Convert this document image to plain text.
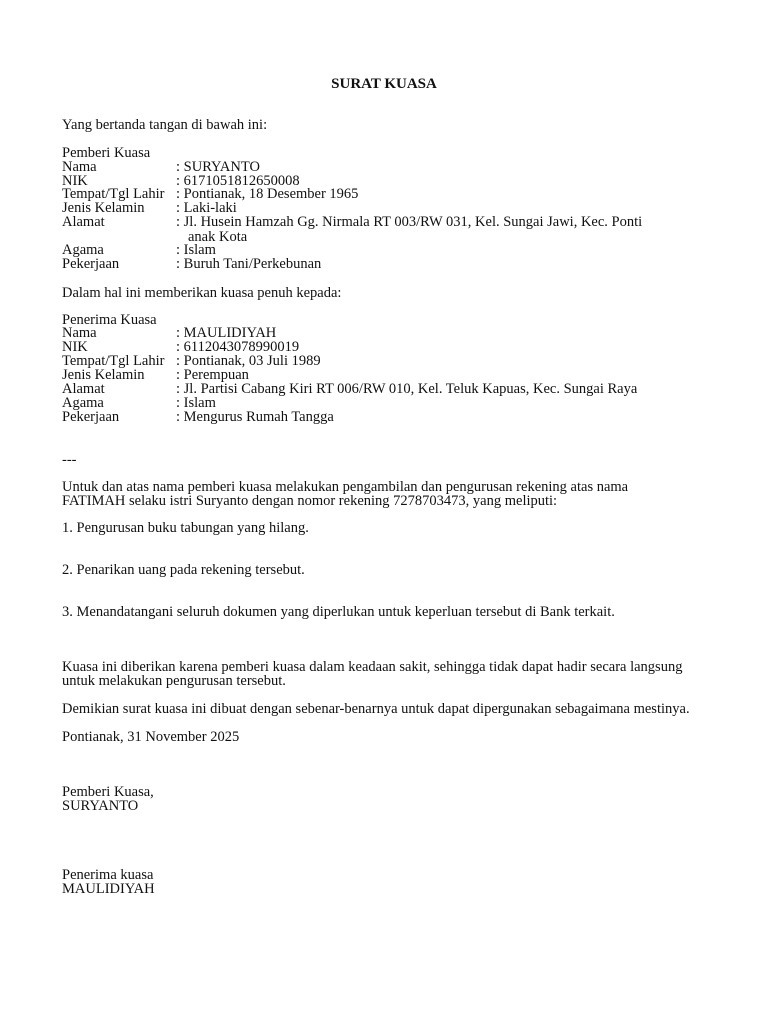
SURAT KUASA
Yang bertanda tangan di bawah ini:
Pemberi Kuasa
Nama	: SURYANTO
NIK	: 6171051812650008
Tempat/Tgl Lahir : Pontianak, 18 Desember 1965
Jenis Kelamin : Laki-laki
Alamat	: Jl. Husein Hamzah Gg. Nirmala RT 003/RW 031, Kel. Sungai Jawi, Kec. Ponti
anak Kota
Agama	: Islam
Pekerjaan	: Buruh Tani/Perkebunan
Dalam hal ini memberikan kuasa penuh kepada:
Penerima Kuasa
Nama	: MAULIDIYAH
NIK	: 6112043078990019
Tempat/Tgl Lahir : Pontianak, 03 Juli 1989
Jenis Kelamin : Perempuan
Alamat	: Jl. Partisi Cabang Kiri RT 006/RW 010, Kel. Teluk Kapuas, Kec. Sungai Raya
Agama	: Islam
Pekerjaan	: Mengurus Rumah Tangga
---
Untuk dan atas nama pemberi kuasa melakukan pengambilan dan pengurusan rekening atas nama
FATIMAH selaku istri Suryanto dengan nomor rekening 7278703473, yang meliputi:
1. Pengurusan buku tabungan yang hilang.
2. Penarikan uang pada rekening tersebut.
3. Menandatangani seluruh dokumen yang diperlukan untuk keperluan tersebut di Bank terkait.
Kuasa ini diberikan karena pemberi kuasa dalam keadaan sakit, sehingga tidak dapat hadir secara langsung
untuk melakukan pengurusan tersebut.
Demikian surat kuasa ini dibuat dengan sebenar-benarnya untuk dapat dipergunakan sebagaimana mestinya.
Pontianak, 31 November 2025
Pemberi Kuasa,
SURYANTO
Penerima kuasa
MAULIDIYAH
